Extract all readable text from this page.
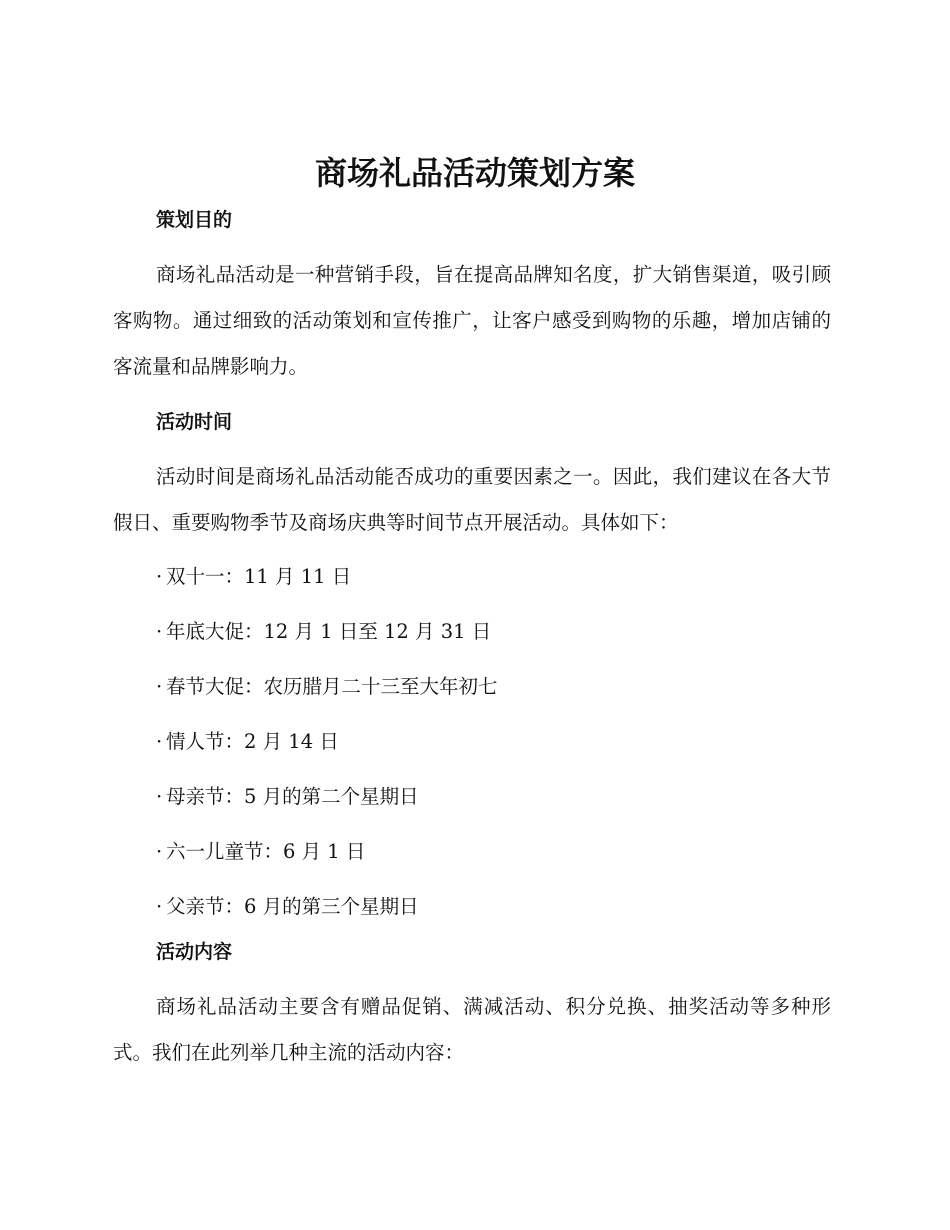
商场礼品活动策划方案
策划目的

商场礼品活动是一种营销手段，旨在提高品牌知名度，扩大销售渠道，吸引顾客购物。通过细致的活动策划和宣传推广，让客户感受到购物的乐趣，增加店铺的客流量和品牌影响力。

活动时间

活动时间是商场礼品活动能否成功的重要因素之一。因此，我们建议在各大节假日、重要购物季节及商场庆典等时间节点开展活动。具体如下：

· 双十一：11 月 11 日
· 年底大促：12 月 1 日至 12 月 31 日
· 春节大促：农历腊月二十三至大年初七
· 情人节：2 月 14 日
· 母亲节：5 月的第二个星期日
· 六一儿童节：6 月 1 日
· 父亲节：6 月的第三个星期日
活动内容

商场礼品活动主要含有赠品促销、满减活动、积分兑换、抽奖活动等多种形式。我们在此列举几种主流的活动内容：
